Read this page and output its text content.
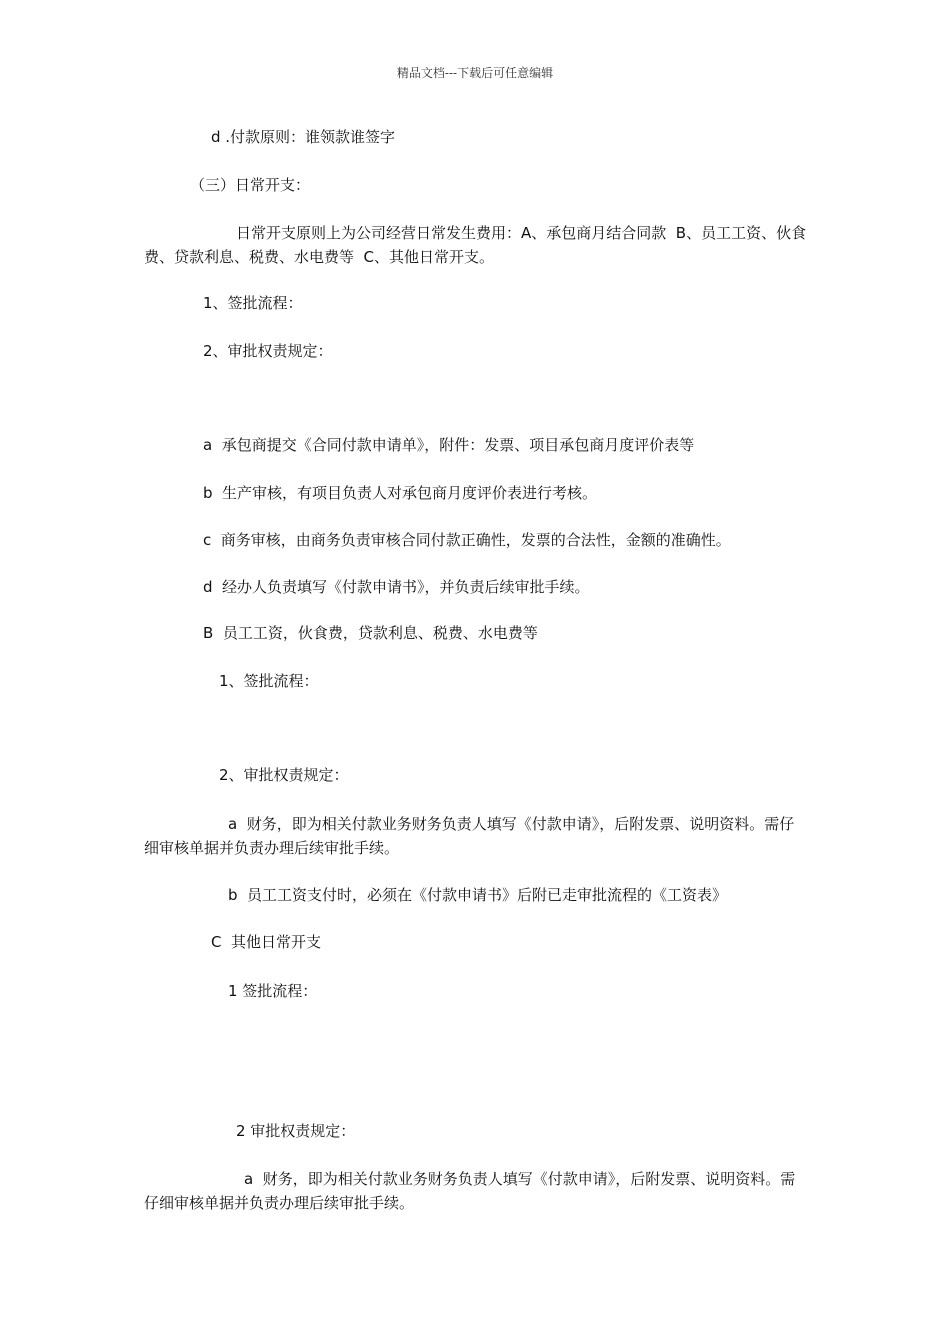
精品文档---下载后可任意编辑
d .付款原则：谁领款谁签字
（三）日常开支：
日常开支原则上为公司经营日常发生费用：A、承包商月结合同款  B、员工工资、伙食费、贷款利息、税费、水电费等  C、其他日常开支。
1、签批流程：
2、审批权责规定：
a  承包商提交《合同付款申请单》，附件：发票、项目承包商月度评价表等
b  生产审核，有项目负责人对承包商月度评价表进行考核。
c  商务审核，由商务负责审核合同付款正确性，发票的合法性，金额的准确性。
d  经办人负责填写《付款申请书》，并负责后续审批手续。
B  员工工资，伙食费，贷款利息、税费、水电费等
1、签批流程：
2、审批权责规定：
a  财务，即为相关付款业务财务负责人填写《付款申请》，后附发票、说明资料。需仔细审核单据并负责办理后续审批手续。
b  员工工资支付时，必须在《付款申请书》后附已走审批流程的《工资表》
C  其他日常开支
1 签批流程：
2 审批权责规定：
a  财务，即为相关付款业务财务负责人填写《付款申请》，后附发票、说明资料。需仔细审核单据并负责办理后续审批手续。
